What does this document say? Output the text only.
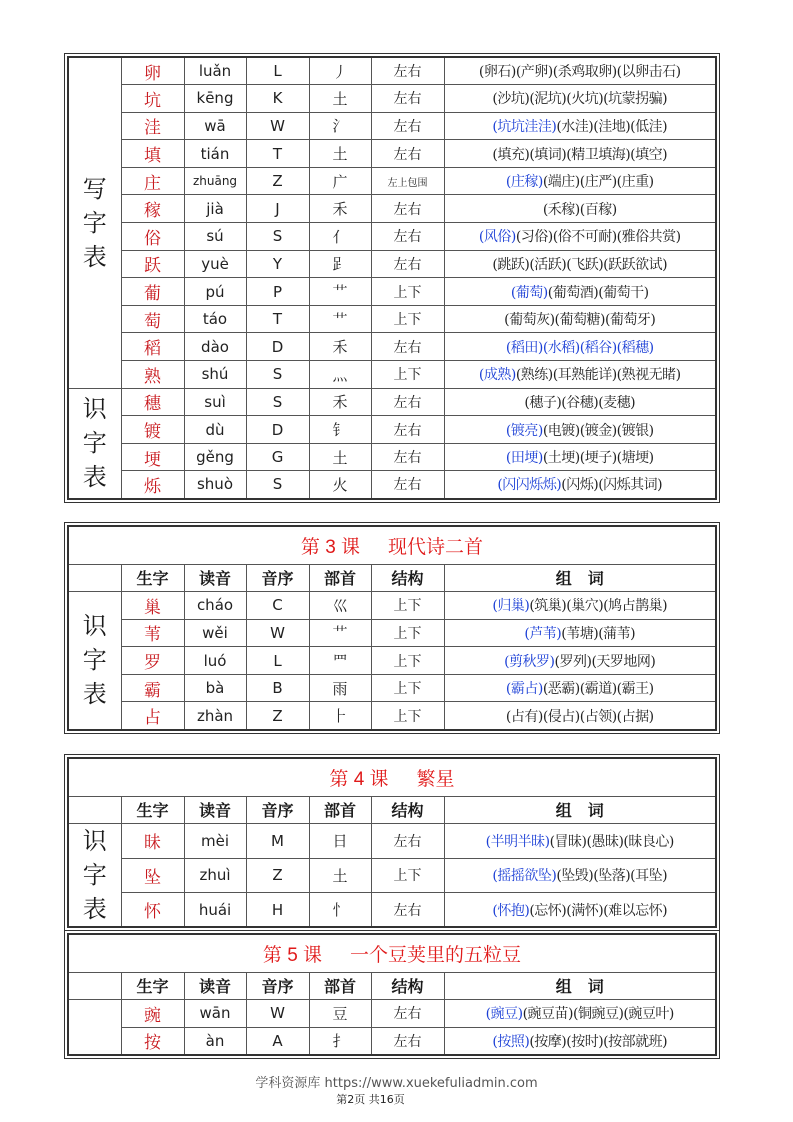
写字表	卵	luǎn	L	丿	左右	(卵石)(产卵)(杀鸡取卵)(以卵击石)
	坑	kēng	K	土	左右	(沙坑)(泥坑)(火坑)(坑蒙拐骗)
	洼	wā	W	氵	左右	(坑坑洼洼)(水洼)(洼地)(低洼)
	填	tián	T	土	左右	(填充)(填词)(精卫填海)(填空)
	庄	zhuāng	Z	广	左上包围	(庄稼)(端庄)(庄严)(庄重)
	稼	jià	J	禾	左右	(禾稼)(百稼)
	俗	sú	S	亻	左右	(风俗)(习俗)(俗不可耐)(雅俗共赏)
	跃	yuè	Y	𧾷	左右	(跳跃)(活跃)(飞跃)(跃跃欲试)
	葡	pú	P	艹	上下	(葡萄)(葡萄酒)(葡萄干)
	萄	táo	T	艹	上下	(葡萄灰)(葡萄糖)(葡萄牙)
	稻	dào	D	禾	左右	(稻田)(水稻)(稻谷)(稻穗)
	熟	shú	S	灬	上下	(成熟)(熟练)(耳熟能详)(熟视无睹)
识字表	穗	suì	S	禾	左右	(穗子)(谷穗)(麦穗)
	镀	dù	D	钅	左右	(镀亮)(电镀)(镀金)(镀银)
	埂	gěng	G	土	左右	(田埂)(土埂)(埂子)(塘埂)
	烁	shuò	S	火	左右	(闪闪烁烁)(闪烁)(闪烁其词)
第 3 课 现代诗二首						
	生字	读音	音序	部首	结构	组　词
识字表	巢	cháo	C	巛	上下	(归巢)(筑巢)(巢穴)(鸠占鹊巢)
	苇	wěi	W	艹	上下	(芦苇)(苇塘)(蒲苇)
	罗	luó	L	罒	上下	(剪秋罗)(罗列)(天罗地网)
	霸	bà	B	雨	上下	(霸占)(恶霸)(霸道)(霸王)
	占	zhàn	Z	⺊	上下	(占有)(侵占)(占领)(占据)
第 4 课 繁星						
	生字	读音	音序	部首	结构	组　词
识字表	昧	mèi	M	日	左右	(半明半昧)(冒昧)(愚昧)(昧良心)
	坠	zhuì	Z	土	上下	(摇摇欲坠)(坠毁)(坠落)(耳坠)
	怀	huái	H	忄	左右	(怀抱)(忘怀)(满怀)(难以忘怀)
第 5 课 一个豆荚里的五粒豆						
	生字	读音	音序	部首	结构	组　词
	豌	wān	W	豆	左右	(豌豆)(豌豆苗)(铜豌豆)(豌豆叶)
	按	àn	A	扌	左右	(按照)(按摩)(按时)(按部就班)
学科资源库 https://www.xuekefuliadmin.com
第2页 共16页
